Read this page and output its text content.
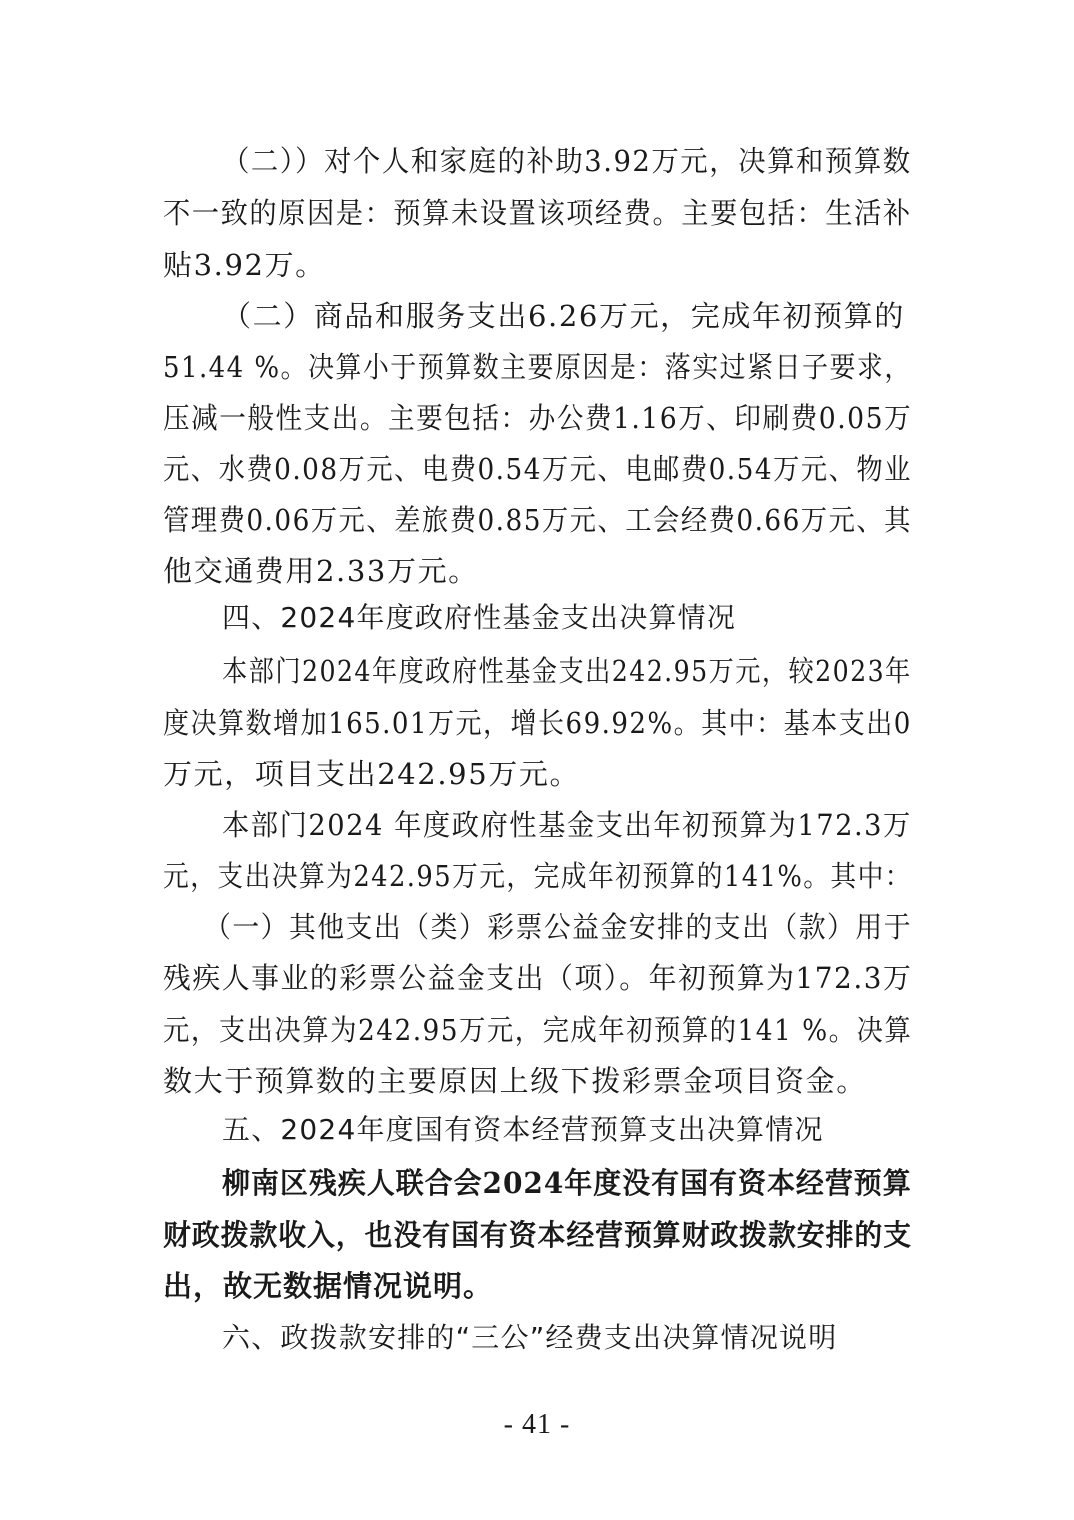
（二））对个人和家庭的补助3.92万元，决算和预算数
不一致的原因是：预算未设置该项经费。主要包括：生活补
贴3.92万。
（二）商品和服务支出6.26万元，完成年初预算的
51.44 %。决算小于预算数主要原因是：落实过紧日子要求，
压减一般性支出。主要包括：办公费1.16万、印刷费0.05万
元、水费0.08万元、电费0.54万元、电邮费0.54万元、物业
管理费0.06万元、差旅费0.85万元、工会经费0.66万元、其
他交通费用2.33万元。
四、2024年度政府性基金支出决算情况
本部门2024年度政府性基金支出242.95万元，较2023年
度决算数增加165.01万元，增长69.92%。其中：基本支出0
万元，项目支出242.95万元。
本部门2024 年度政府性基金支出年初预算为172.3万
元，支出决算为242.95万元，完成年初预算的141%。其中：
（一）其他支出（类）彩票公益金安排的支出（款）用于
残疾人事业的彩票公益金支出（项）。年初预算为172.3万
元，支出决算为242.95万元，完成年初预算的141 %。决算
数大于预算数的主要原因上级下拨彩票金项目资金。
五、2024年度国有资本经营预算支出决算情况
柳南区残疾人联合会2024年度没有国有资本经营预算
财政拨款收入，也没有国有资本经营预算财政拨款安排的支
出，故无数据情况说明。
六、政拨款安排的“三公”经费支出决算情况说明
- 41 -
